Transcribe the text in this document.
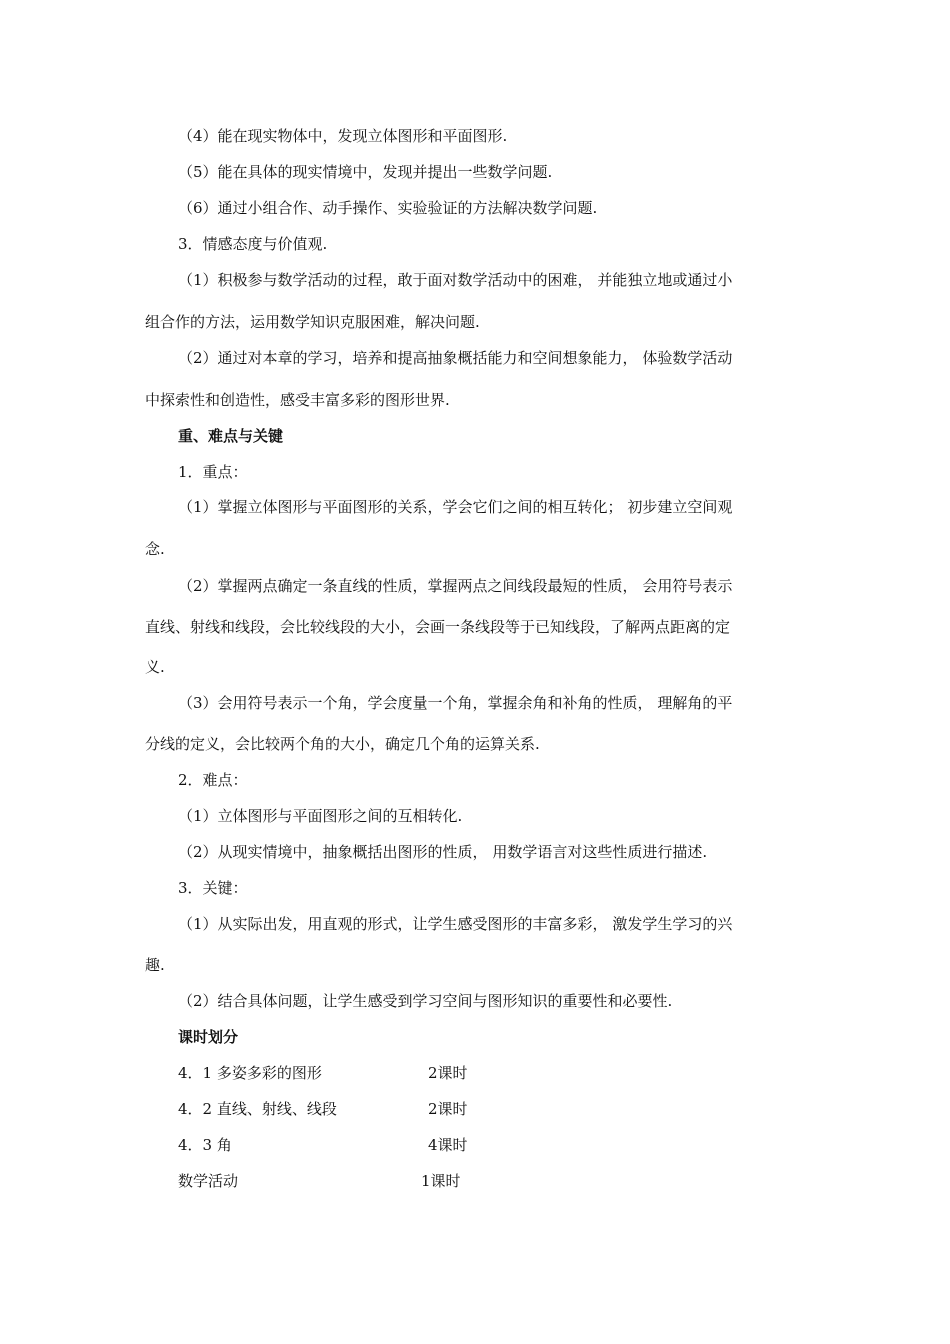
（4）能在现实物体中，发现立体图形和平面图形.
（5）能在具体的现实情境中，发现并提出一些数学问题.
（6）通过小组合作、动手操作、实验验证的方法解决数学问题.
3．情感态度与价值观.
（1）积极参与数学活动的过程，敢于面对数学活动中的困难， 并能独立地或通过小
组合作的方法，运用数学知识克服困难，解决问题.
（2）通过对本章的学习，培养和提高抽象概括能力和空间想象能力， 体验数学活动
中探索性和创造性，感受丰富多彩的图形世界.
重、难点与关键
1．重点：
（1）掌握立体图形与平面图形的关系，学会它们之间的相互转化； 初步建立空间观
念.
（2）掌握两点确定一条直线的性质，掌握两点之间线段最短的性质， 会用符号表示
直线、射线和线段，会比较线段的大小，会画一条线段等于已知线段，了解两点距离的定
义.
（3）会用符号表示一个角，学会度量一个角，掌握余角和补角的性质， 理解角的平
分线的定义，会比较两个角的大小，确定几个角的运算关系.
2．难点：
（1）立体图形与平面图形之间的互相转化.
（2）从现实情境中，抽象概括出图形的性质， 用数学语言对这些性质进行描述.
3．关键：
（1）从实际出发，用直观的形式，让学生感受图形的丰富多彩， 激发学生学习的兴
趣.
（2）结合具体问题，让学生感受到学习空间与图形知识的重要性和必要性.
课时划分
4．1 多姿多彩的图形	2课时
4．2 直线、射线、线段	2课时
4．3 角	4课时
数学活动	1课时
